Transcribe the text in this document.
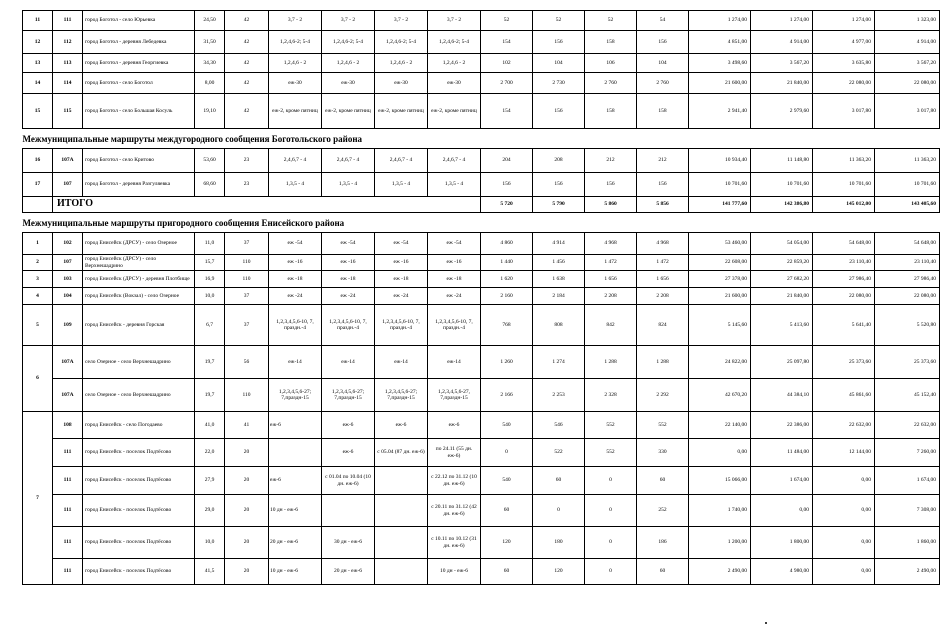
11	111	город Боготол - село Юрьевка	24,50	42	3,7 - 2	3,7 - 2	3,7 - 2	3,7 - 2	52	52	52	54	1 274,00	1 274,00	1 274,00	1 323,00
12	112	город Боготол - деревня Лебедевка	31,50	42	1,2,4,6-2; 5-4	1,2,4,6-2; 5-4	1,2,4,6-2; 5-4	1,2,4,6-2; 5-4	154	156	158	156	4 851,00	4 914,00	4 977,00	4 914,00
13	113	город Боготол - деревня Георгиевка	34,30	42	1,2,4,6 - 2	1,2,4,6 - 2	1,2,4,6 - 2	1,2,4,6 - 2	102	104	106	104	3 498,60	3 567,20	3 635,80	3 567,20
14	114	город Боготол - село Боготол	8,00	42	еж-30	еж-30	еж-30	еж-30	2 700	2 730	2 760	2 760	21 600,00	21 840,00	22 080,00	22 080,00
15	115	город Боготол - село Большая Косуль	19,10	42	еж-2, кроме пятниц	еж-2, кроме пятниц	еж-2, кроме пятниц	еж-2, кроме пятниц	154	156	158	158	2 941,40	2 979,60	3 017,80	3 017,80
Межмуниципальные маршруты междугородного сообщения Боготольского района																
16	107А	город Боготол - село Критово	53,60	23	2,4,6,7 - 4	2,4,6,7 - 4	2,4,6,7 - 4	2,4,6,7 - 4	204	208	212	212	10 934,40	11 148,80	11 363,20	11 363,20
17	107	город Боготол - деревня Разгуляевка	68,60	23	1,3,5 - 4	1,3,5 - 4	1,3,5 - 4	1,3,5 - 4	156	156	156	156	10 701,60	10 701,60	10 701,60	10 701,60
	ИТОГО								5 720	5 790	5 860	5 856	141 777,60	142 386,80	145 012,00	143 405,60
Межмуниципальные маршруты пригородного сообщения Енисейского района																
1	102	город Енисейск (ДРСУ) - село Озерное	11,0	37	еж -54	еж -54	еж -54	еж -54	4 860	4 914	4 968	4 968	53 460,00	54 054,00	54 648,00	54 648,00
2	107	город Енисейск (ДРСУ) - село Верхнешадрино	15,7	110	еж -16	еж -16	еж -16	еж -16	1 440	1 456	1 472	1 472	22 608,00	22 859,20	23 110,40	23 110,40
3	103	город Енисейск (ДРСУ) - деревня Плотбище	16,9	110	еж -18	еж -18	еж -18	еж -18	1 620	1 638	1 656	1 656	27 378,00	27 682,20	27 986,40	27 986,40
4	104	город Енисейск (Вокзал) - село Озерное	10,0	37	еж -24	еж -24	еж -24	еж -24	2 160	2 184	2 208	2 208	21 600,00	21 840,00	22 080,00	22 080,00
5	109	город Енисейск - деревня Горская	6,7	37	1,2,3,4,5,6-10, 7, праздн.-4	1,2,3,4,5,6-10, 7, праздн.-4	1,2,3,4,5,6-10, 7, праздн.-4	1,2,3,4,5,6-10, 7, праздн.-4	768	808	842	824	5 145,60	5 413,60	5 641,40	5 520,80
6	107А	село Озерное - село Верхнешадрино	19,7	56	еж-14	еж-14	еж-14	еж-14	1 260	1 274	1 288	1 288	24 822,00	25 097,80	25 373,60	25 373,60
	107А	село Озерное - село Верхнешадрино	19,7	110	1,2,3,4,5,6-27; 7,праздн-15	1,2,3,4,5,6-27; 7,праздн-15	1,2,3,4,5,6-27; 7,праздн-15	1,2,3,4,5,6-27, 7,праздн-15	2 166	2 253	2 328	2 292	42 670,20	44 384,10	45 861,60	45 152,40
7	108	город Енисейск - село Погодаево	41,0	41	еж-6	еж-6	еж-6	еж-6	540	546	552	552	22 140,00	22 386,00	22 632,00	22 632,00
	111	город Енисейск - поселок Подтёсово	22,0	20		еж-6	с 05.04 (87 дн. еж-6)	по 24.11 (55 дн. еж-6)	0	522	552	330	0,00	11 484,00	12 144,00	7 260,00
	111	город Енисейск - поселок Подтёсово	27,9	20	еж-6	с 01.04 по 10.04 (10 дн. еж-6)		с 22.12 по 31.12 (10 дн. еж-6)	540	60	0	60	15 066,00	1 674,00	0,00	1 674,00
	111	город Енисейск - поселок Подтёсово	29,0	20	10 дн - еж-6			с 20.11 по 31.12 (42 дн. еж-6)	60	0	0	252	1 740,00	0,00	0,00	7 308,00
	111	город Енисейск - поселок Подтёсово	10,0	20	20 дн - еж-6	30 дн - еж-6		с 10.11 по 10.12 (31 дн. еж-6)	120	180	0	186	1 200,00	1 800,00	0,00	1 860,00
	111	город Енисейск - поселок Подтёсово	41,5	20	10 дн - еж-6	20 дн - еж-6		10 дн - еж-6	60	120	0	60	2 490,00	4 980,00	0,00	2 490,00
